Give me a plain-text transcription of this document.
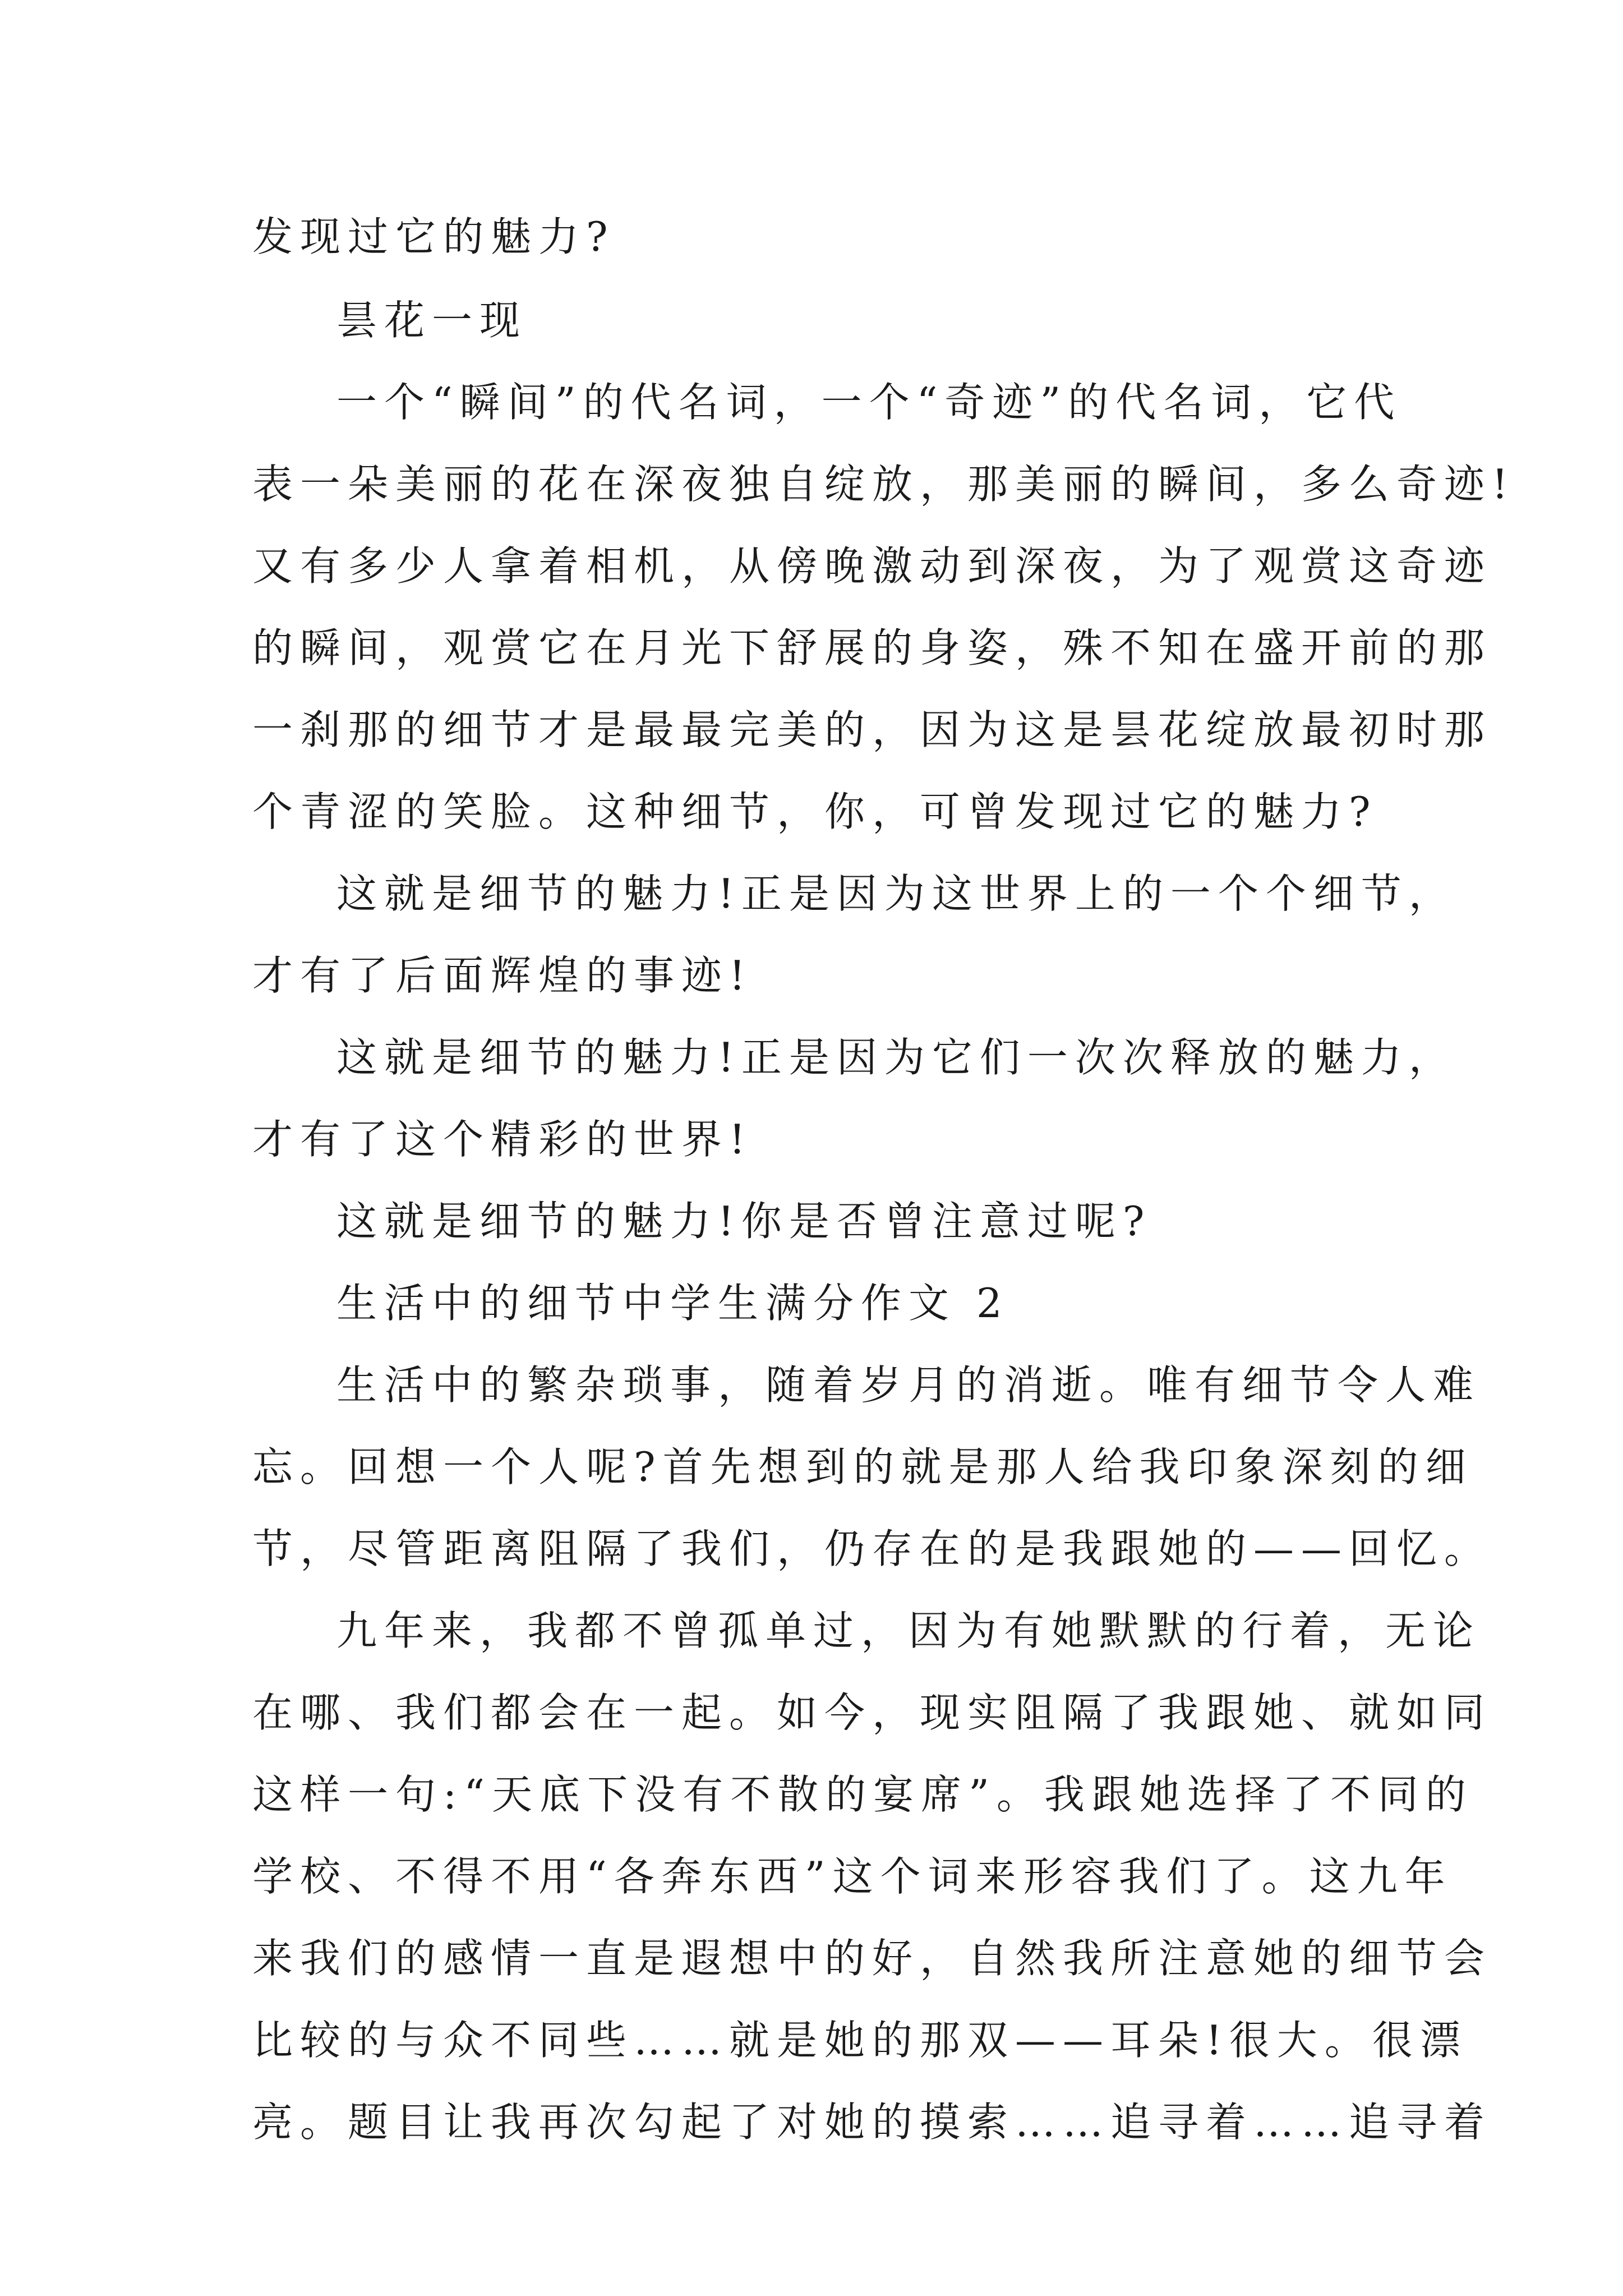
发现过它的魅力?
昙花一现
一个“瞬间”的代名词，一个“奇迹”的代名词，它代
表一朵美丽的花在深夜独自绽放，那美丽的瞬间，多么奇迹!
又有多少人拿着相机，从傍晚激动到深夜，为了观赏这奇迹
的瞬间，观赏它在月光下舒展的身姿，殊不知在盛开前的那
一刹那的细节才是最最完美的，因为这是昙花绽放最初时那
个青涩的笑脸。这种细节，你，可曾发现过它的魅力?
这就是细节的魅力!正是因为这世界上的一个个细节，
才有了后面辉煌的事迹!
这就是细节的魅力!正是因为它们一次次释放的魅力，
才有了这个精彩的世界!
这就是细节的魅力!你是否曾注意过呢?
生活中的细节中学生满分作文 2
生活中的繁杂琐事，随着岁月的消逝。唯有细节令人难
忘。回想一个人呢?首先想到的就是那人给我印象深刻的细
节，尽管距离阻隔了我们，仍存在的是我跟她的——回忆。
九年来，我都不曾孤单过，因为有她默默的行着，无论
在哪、我们都会在一起。如今，现实阻隔了我跟她、就如同
这样一句:“天底下没有不散的宴席”。我跟她选择了不同的
学校、不得不用“各奔东西”这个词来形容我们了。这九年
来我们的感情一直是遐想中的好，自然我所注意她的细节会
比较的与众不同些……就是她的那双——耳朵!很大。很漂
亮。题目让我再次勾起了对她的摸索……追寻着……追寻着
